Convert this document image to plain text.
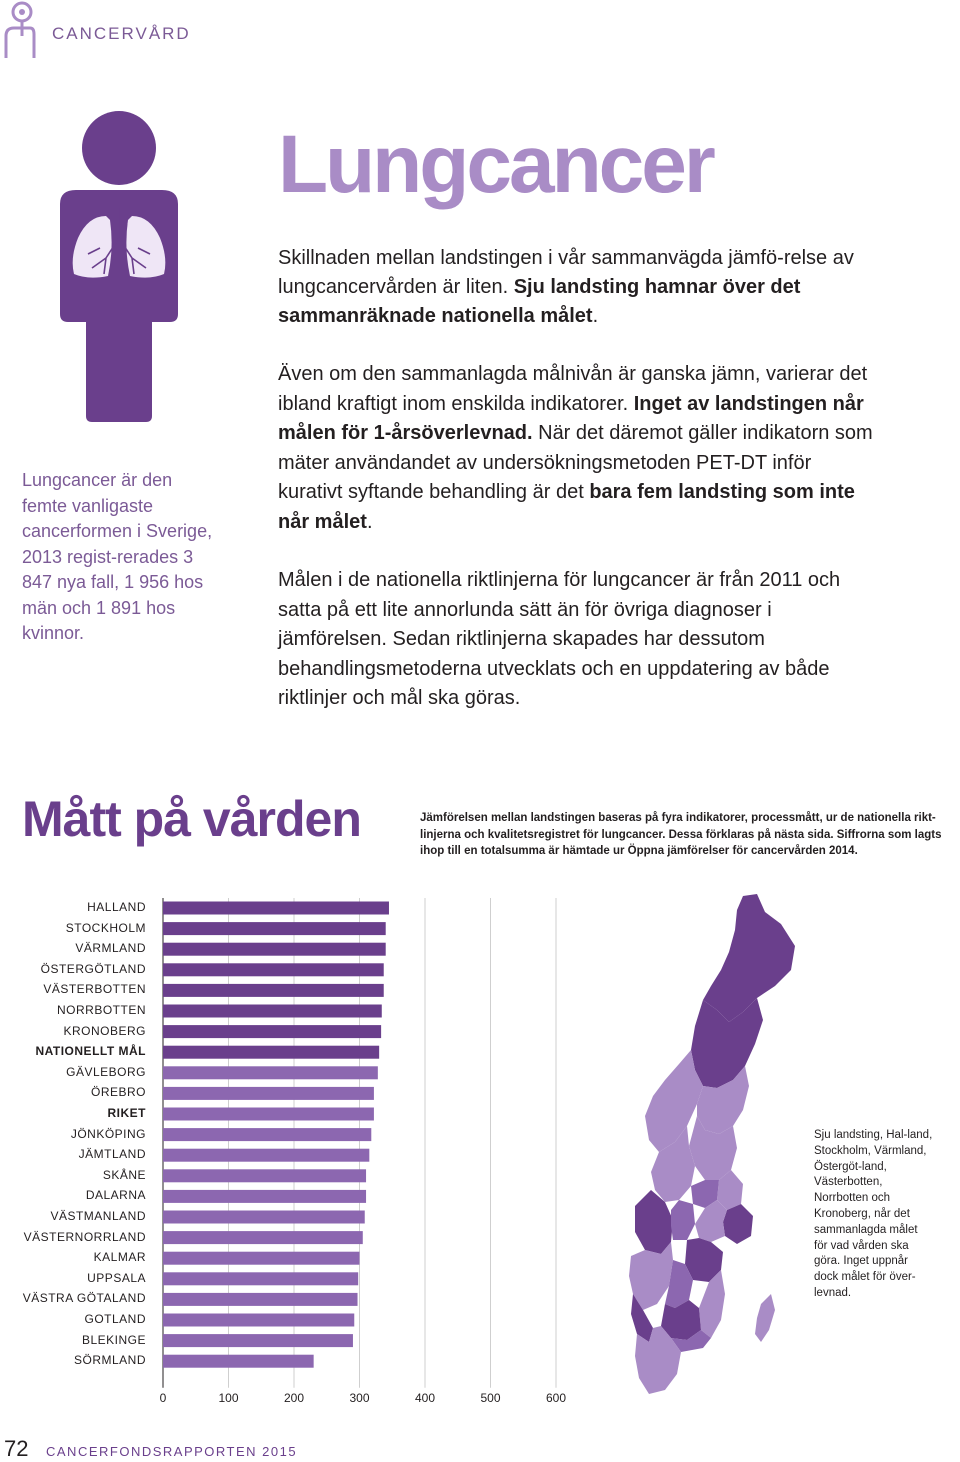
CANCERVÅRD
Lungcancer
Skillnaden mellan landstingen i vår sammanvägda jämfö-relse av lungcancervården är liten. Sju landsting hamnar över det sammanräknade nationella målet.
Även om den sammanlagda målnivån är ganska jämn, varierar det ibland kraftigt inom enskilda indikatorer. Inget av landstingen når målen för 1-årsöverlevnad. När det däremot gäller indikatorn som mäter användandet av undersökningsmetoden PET-DT inför kurativt syftande behandling är det bara fem landsting som inte når målet.
Målen i de nationella riktlinjerna för lungcancer är från 2011 och satta på ett lite annorlunda sätt än för övriga diagnoser i jämförelsen. Sedan riktlinjerna skapades har dessutom behandlingsmetoderna utvecklats och en uppdatering av både riktlinjer och mål ska göras.
Lungcancer är den femte vanligaste cancerformen i Sverige, 2013 regist-rerades 3 847 nya fall, 1 956 hos män och 1 891 hos kvinnor.
Mått på vården	Jämförelsen mellan landstingen baseras på fyra indikatorer, processmått, ur de nationella rikt-linjerna och kvalitetsregistret för lungcancer. Dessa förklaras på nästa sida. Siffrorna som lagts ihop till en totalsumma är hämtade ur Öppna jämförelser för cancervården 2014.
HALLAND
STOCKHOLM
VÄRMLAND
ÖSTERGÖTLAND
VÄSTERBOTTEN
NORRBOTTEN
KRONOBERG
NATIONELLT MÅL
GÄVLEBORG
ÖREBRO
RIKET
JÖNKÖPING
JÄMTLAND
SKÅNE
DALARNA
VÄSTMANLAND
VÄSTERNORRLAND
KALMAR
UPPSALA
VÄSTRA GÖTALAND
GOTLAND
BLEKINGE
SÖRMLAND
0	100	200	300	400	500	600
Sju landsting, Hal-land, Stockholm, Värmland, Östergöt-land, Västerbotten, Norrbotten och Kronoberg, når det sammanlagda målet för vad vården ska göra. Inget uppnår dock målet för över-levnad.
72 CANCERFONDSRAPPORTEN 2015
